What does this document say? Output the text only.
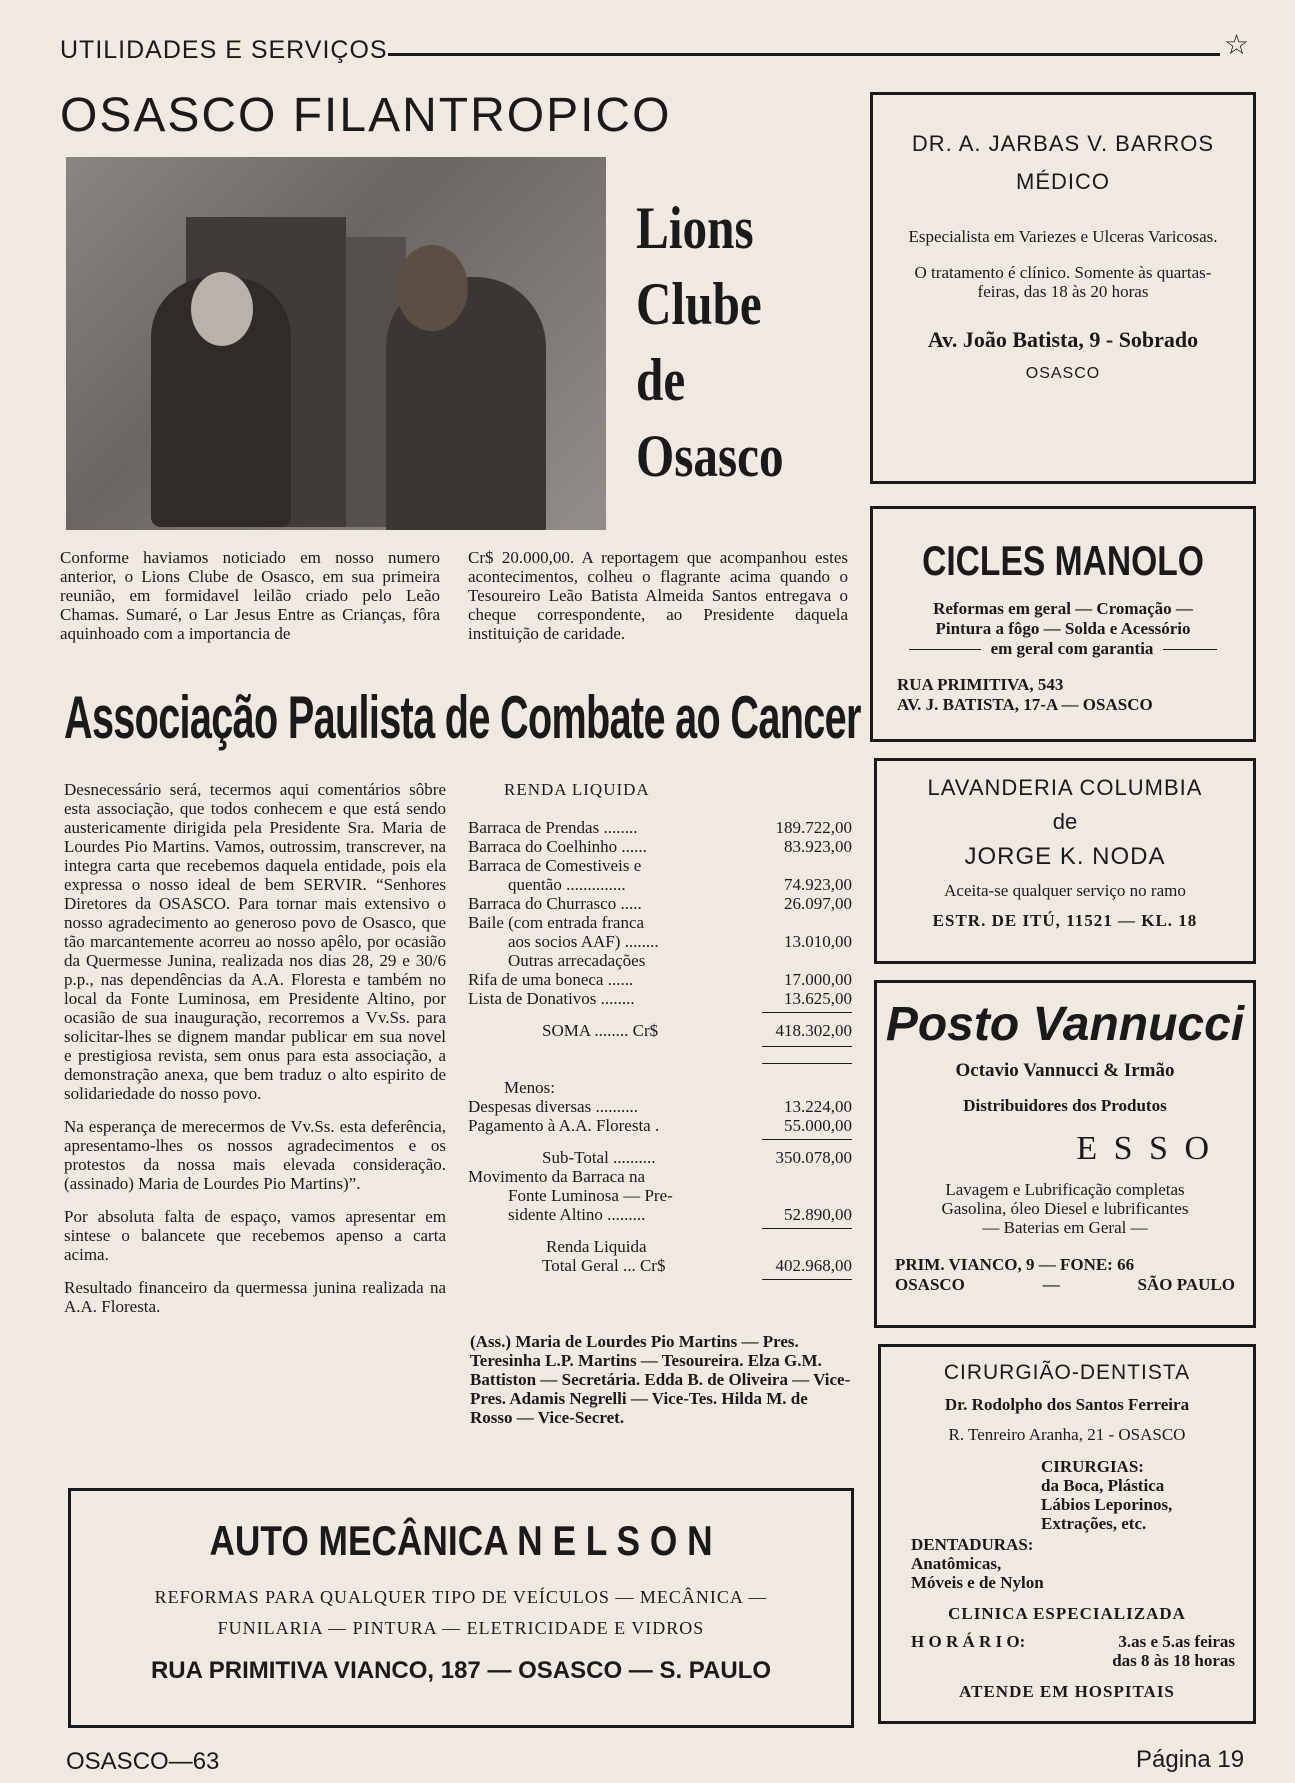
UTILIDADES E SERVIÇOS	☆
OSASCO FILANTROPICO
Lions
Clube
de
Osasco
Conforme haviamos noticiado em nosso numero anterior, o Lions Clube de Osasco, em sua primeira reunião, em formidavel leilão criado pelo Leão Chamas. Sumaré, o Lar Jesus Entre as Crianças, fôra aquinhoado com a importancia de
Cr$ 20.000,00. A reportagem que acompanhou estes acontecimentos, colheu o flagrante acima quando o Tesoureiro Leão Batista Almeida Santos entregava o cheque correspondente, ao Presidente daquela instituição de caridade.
Associação Paulista de Combate ao Cancer

Desnecessário será, tecermos aqui comentários sôbre esta associação, que todos conhecem e que está sendo austericamente dirigida pela Presidente Sra. Maria de Lourdes Pio Martins. Vamos, outrossim, transcrever, na integra carta que recebemos daquela entidade, pois ela expressa o nosso ideal de bem SERVIR. “Senhores Diretores da OSASCO. Para tornar mais extensivo o nosso agradecimento ao generoso povo de Osasco, que tão marcantemente acorreu ao nosso apêlo, por ocasião da Quermesse Junina, realizada nos dias 28, 29 e 30/6 p.p., nas dependências da A.A. Floresta e também no local da Fonte Luminosa, em Presidente Altino, por ocasião de sua inauguração, recorremos a Vv.Ss. para solicitar-lhes se dignem mandar publicar em sua novel e prestigiosa revista, sem onus para esta associação, a demonstração anexa, que bem traduz o alto espirito de solidariedade do nosso povo.

Na esperança de merecermos de Vv.Ss. esta deferência, apresentamo-lhes os nossos agradecimentos e os protestos da nossa mais elevada consideração. (assinado) Maria de Lourdes Pio Martins)”.

Por absoluta falta de espaço, vamos apresentar em sintese o balancete que recebemos apenso a carta acima.

Resultado financeiro da quermessa junina realizada na A.A. Floresta.

RENDA LIQUIDA
Barraca de Prendas ........	189.722,00
Barraca do Coelhinho ......	83.923,00
Barraca de Comestiveis e
quentão ..............	74.923,00
Barraca do Churrasco .....	26.097,00
Baile (com entrada franca
aos socios AAF) ........	13.010,00
Outras arrecadações
Rifa de uma boneca ......	17.000,00
Lista de Donativos ........	13.625,00
SOMA ........ Cr$	418.302,00
Menos:
Despesas diversas ..........	13.224,00
Pagamento à A.A. Floresta .	55.000,00
Sub-Total ..........	350.078,00
Movimento da Barraca na
Fonte Luminosa — Pre-
sidente Altino .........	52.890,00
Renda Liquida
Total Geral ... Cr$	402.968,00
(Ass.) Maria de Lourdes Pio Martins — Pres. Teresinha L.P. Martins — Tesoureira. Elza G.M. Battiston — Secretária. Edda B. de Oliveira — Vice-Pres. Adamis Negrelli — Vice-Tes. Hilda M. de Rosso — Vice-Secret.
DR. A. JARBAS V. BARROS
MÉDICO
Especialista em Variezes e Ulceras Varicosas.
O tratamento é clínico. Somente às quartas-feiras, das 18 às 20 horas
Av. João Batista, 9 - Sobrado
OSASCO
CICLES MANOLO
Reformas em geral — Cromação —
Pintura a fôgo — Solda e Acessório
em geral com garantia
RUA PRIMITIVA, 543
AV. J. BATISTA, 17-A — OSASCO
LAVANDERIA COLUMBIA
de
JORGE K. NODA
Aceita-se qualquer serviço no ramo
ESTR. DE ITÚ, 11521 — KL. 18
Posto Vannucci
Octavio Vannucci & Irmão
Distribuidores dos Produtos
E S S O
Lavagem e Lubrificação completas
Gasolina, óleo Diesel e lubrificantes
— Baterias em Geral —
PRIM. VIANCO, 9 — FONE: 66
OSASCO	—	SÃO PAULO
CIRURGIÃO-DENTISTA
Dr. Rodolpho dos Santos Ferreira
R. Tenreiro Aranha, 21 - OSASCO
CIRURGIAS:
da Boca, Plástica
Lábios Leporinos,
Extrações, etc.
DENTADURAS:
Anatômicas,
Móveis e de Nylon
CLINICA ESPECIALIZADA
H O R Á R I O:	3.as e 5.as feiras
das 8 às 18 horas
ATENDE EM HOSPITAIS
AUTO MECÂNICA N E L S O N
REFORMAS PARA QUALQUER TIPO DE VEÍCULOS — MECÂNICA —
FUNILARIA — PINTURA — ELETRICIDADE E VIDROS
RUA PRIMITIVA VIANCO, 187 — OSASCO — S. PAULO
OSASCO—63	Página 19
